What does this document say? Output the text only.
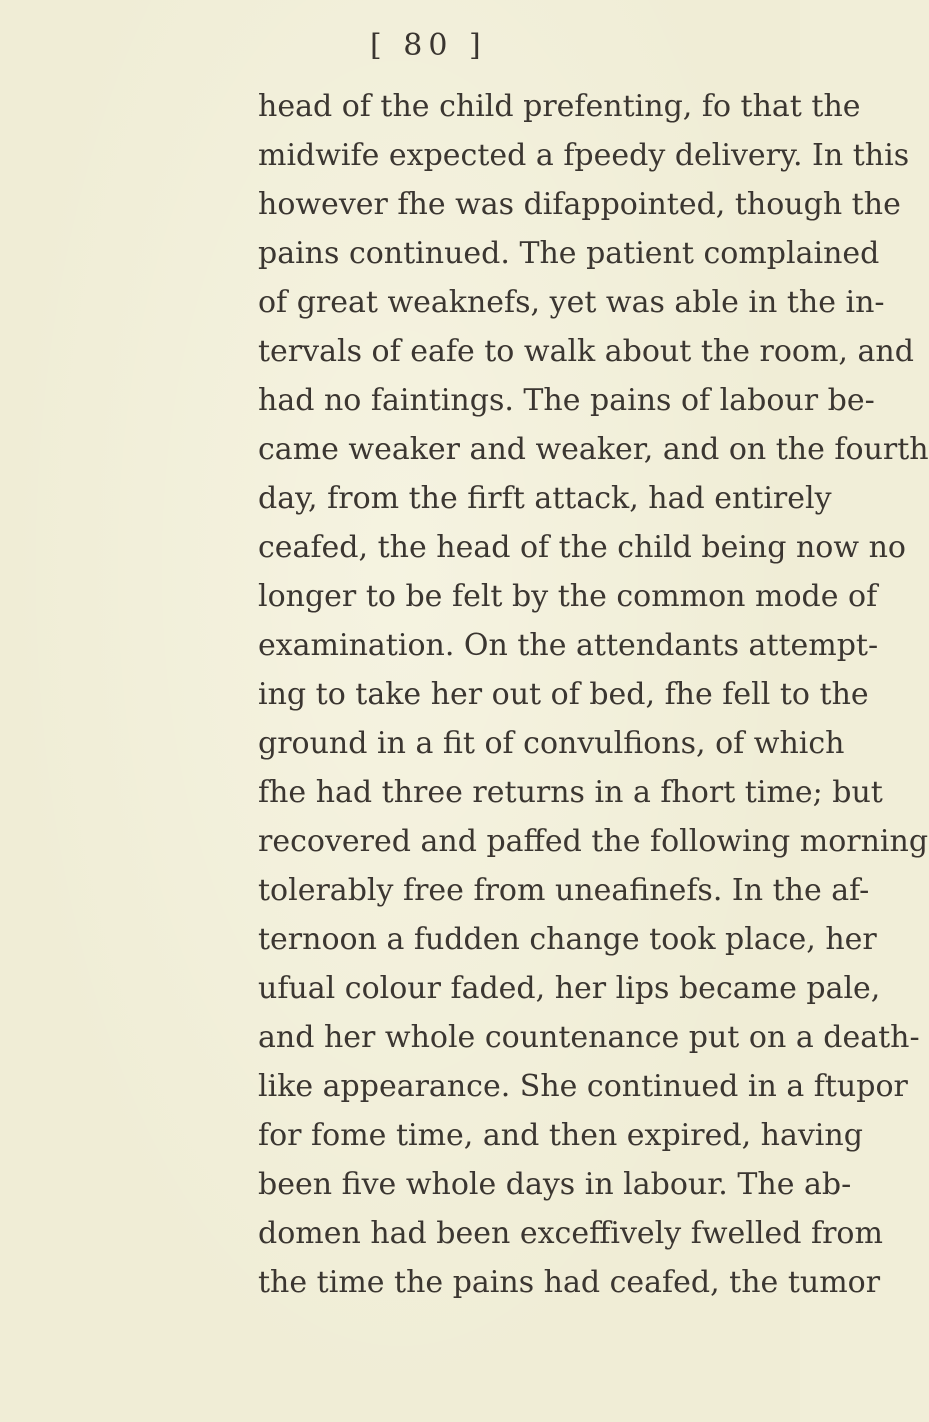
[ 80 ]
head of the child prefenting, fo that the
midwife expected a fpeedy delivery. In this
however fhe was difappointed, though the
pains continued. The patient complained
of great weaknefs, yet was able in the in-
tervals of eafe to walk about the room, and
had no faintings. The pains of labour be-
came weaker and weaker, and on the fourth
day, from the firft attack, had entirely
ceafed, the head of the child being now no
longer to be felt by the common mode of
examination. On the attendants attempt-
ing to take her out of bed, fhe fell to the
ground in a fit of convulfions, of which
fhe had three returns in a fhort time; but
recovered and paffed the following morning
tolerably free from uneafinefs. In the af-
ternoon a fudden change took place, her
ufual colour faded, her lips became pale,
and her whole countenance put on a death-
like appearance. She continued in a ftupor
for fome time, and then expired, having
been five whole days in labour. The ab-
domen had been exceffively fwelled from
the time the pains had ceafed, the tumor
